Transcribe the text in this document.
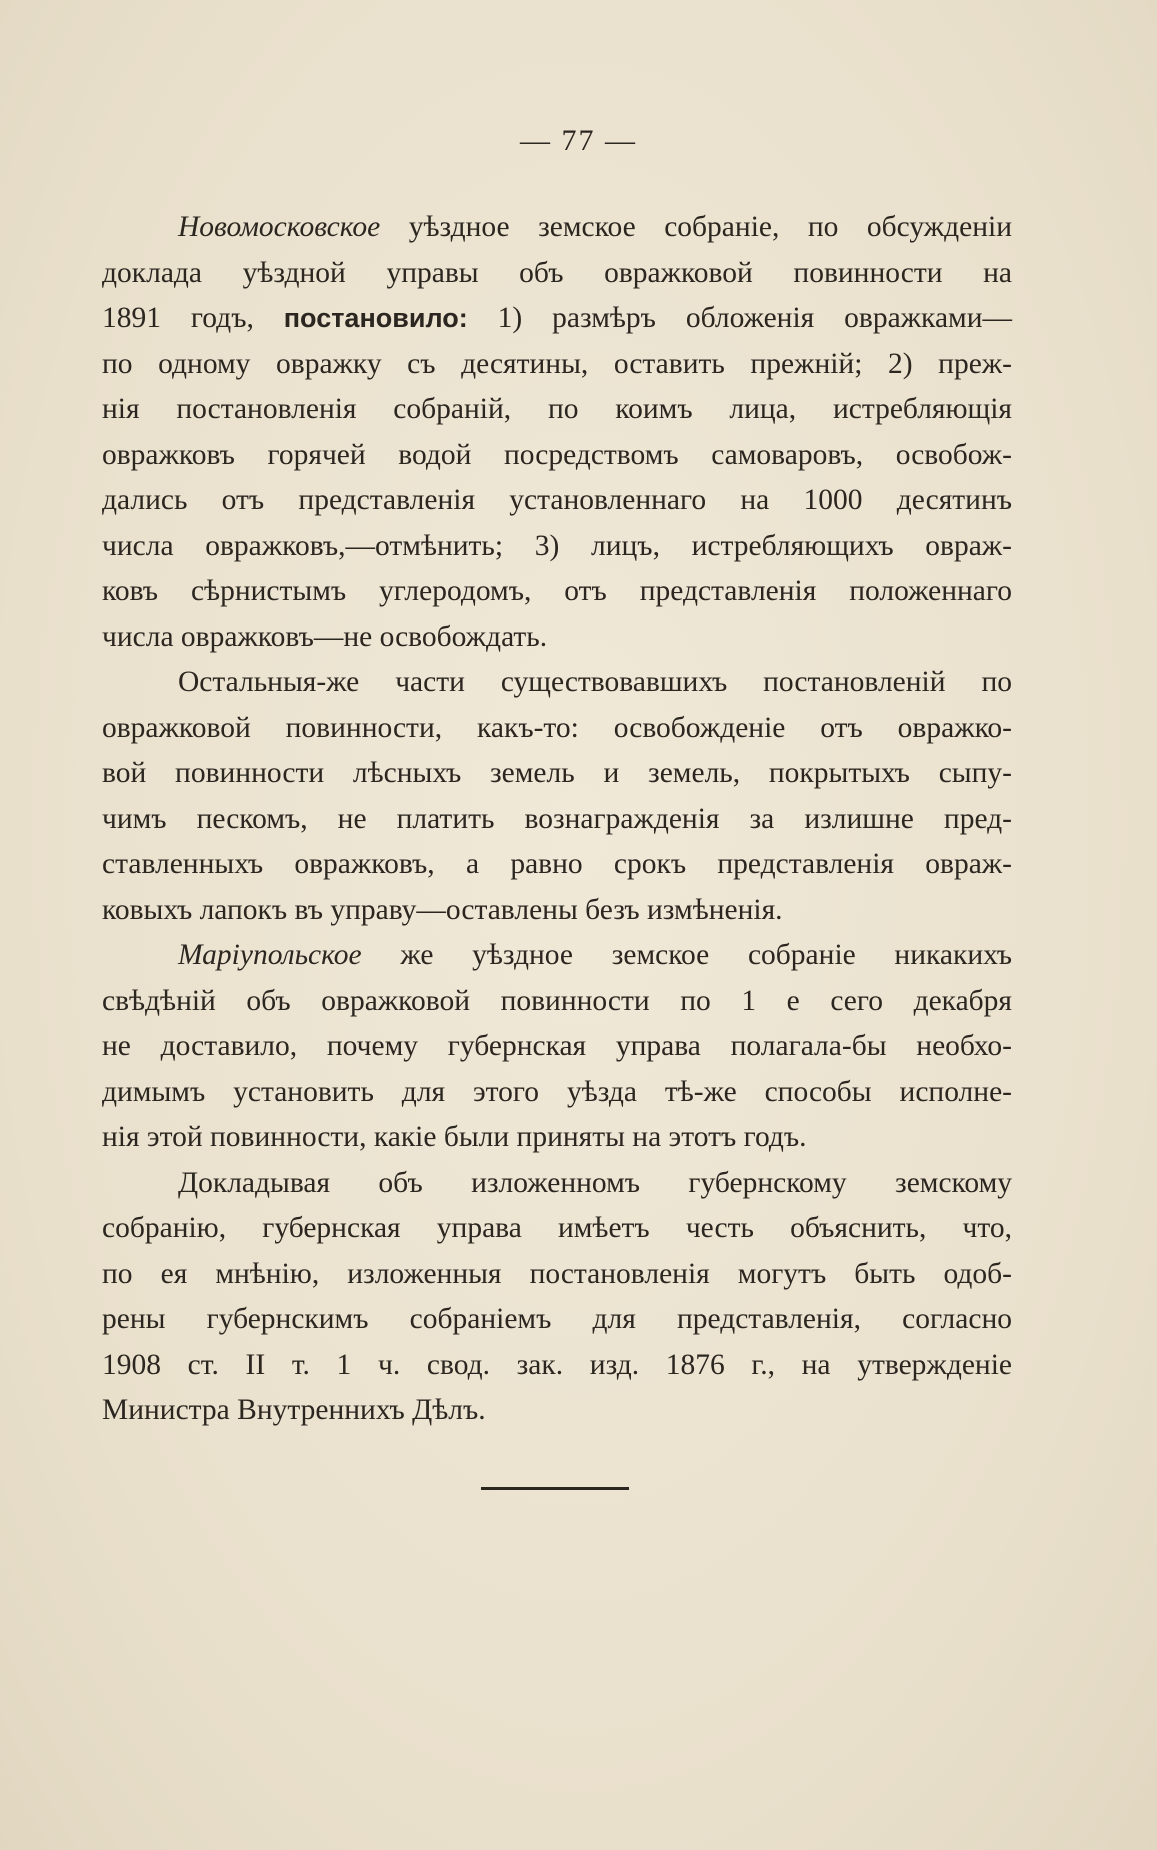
— 77 —
Новомосковское уѣздное земское собраніе, по обсужденіи
доклада уѣздной управы объ овражковой повинности на
1891 годъ, постановило: 1) размѣръ обложенія овражками—
по одному овражку съ десятины, оставить прежній; 2) преж-
нія постановленія собраній, по коимъ лица, истребляющія
овражковъ горячей водой посредствомъ самоваровъ, освобож-
дались отъ представленія установленнаго на 1000 десятинъ
числа овражковъ,—отмѣнить; 3) лицъ, истребляющихъ овраж-
ковъ сѣрнистымъ углеродомъ, отъ представленія положеннаго
числа овражковъ—не освобождать.
Остальныя-же части существовавшихъ постановленій по
овражковой повинности, какъ-то: освобожденіе отъ овражко-
вой повинности лѣсныхъ земель и земель, покрытыхъ сыпу-
чимъ пескомъ, не платить вознагражденія за излишне пред-
ставленныхъ овражковъ, а равно срокъ представленія овраж-
ковыхъ лапокъ въ управу—оставлены безъ измѣненія.
Маріупольское же уѣздное земское собраніе никакихъ
свѣдѣній объ овражковой повинности по 1 е сего декабря
не доставило, почему губернская управа полагала-бы необхо-
димымъ установить для этого уѣзда тѣ-же способы исполне-
нія этой повинности, какіе были приняты на этотъ годъ.
Докладывая объ изложенномъ губернскому земскому
собранію, губернская управа имѣетъ честь объяснить, что,
по ея мнѣнію, изложенныя постановленія могутъ быть одоб-
рены губернскимъ собраніемъ для представленія, согласно
1908 ст. II т. 1 ч. свод. зак. изд. 1876 г., на утвержденіе
Министра Внутреннихъ Дѣлъ.
